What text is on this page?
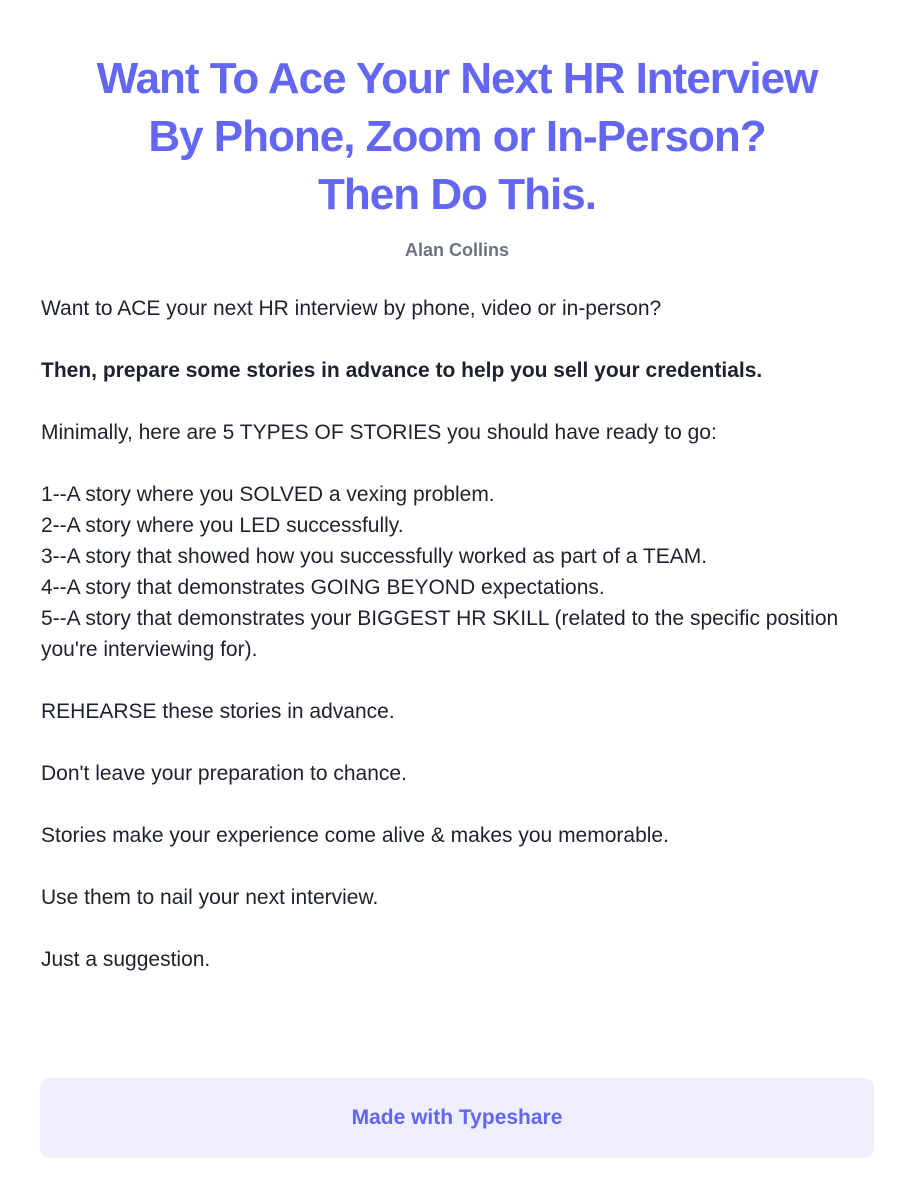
Want To Ace Your Next HR Interview
By Phone, Zoom or In-Person?
Then Do This.
Alan Collins

Want to ACE your next HR interview by phone, video or in-person?

Then, prepare some stories in advance to help you sell your credentials.

Minimally, here are 5 TYPES OF STORIES you should have ready to go:

1--A story where you SOLVED a vexing problem.
2--A story where you LED successfully.
3--A story that showed how you successfully worked as part of a TEAM.
4--A story that demonstrates GOING BEYOND expectations.
5--A story that demonstrates your BIGGEST HR SKILL (related to the specific position you're interviewing for).

REHEARSE these stories in advance.

Don't leave your preparation to chance.

Stories make your experience come alive & makes you memorable.

Use them to nail your next interview.

Just a suggestion.

Made with Typeshare
